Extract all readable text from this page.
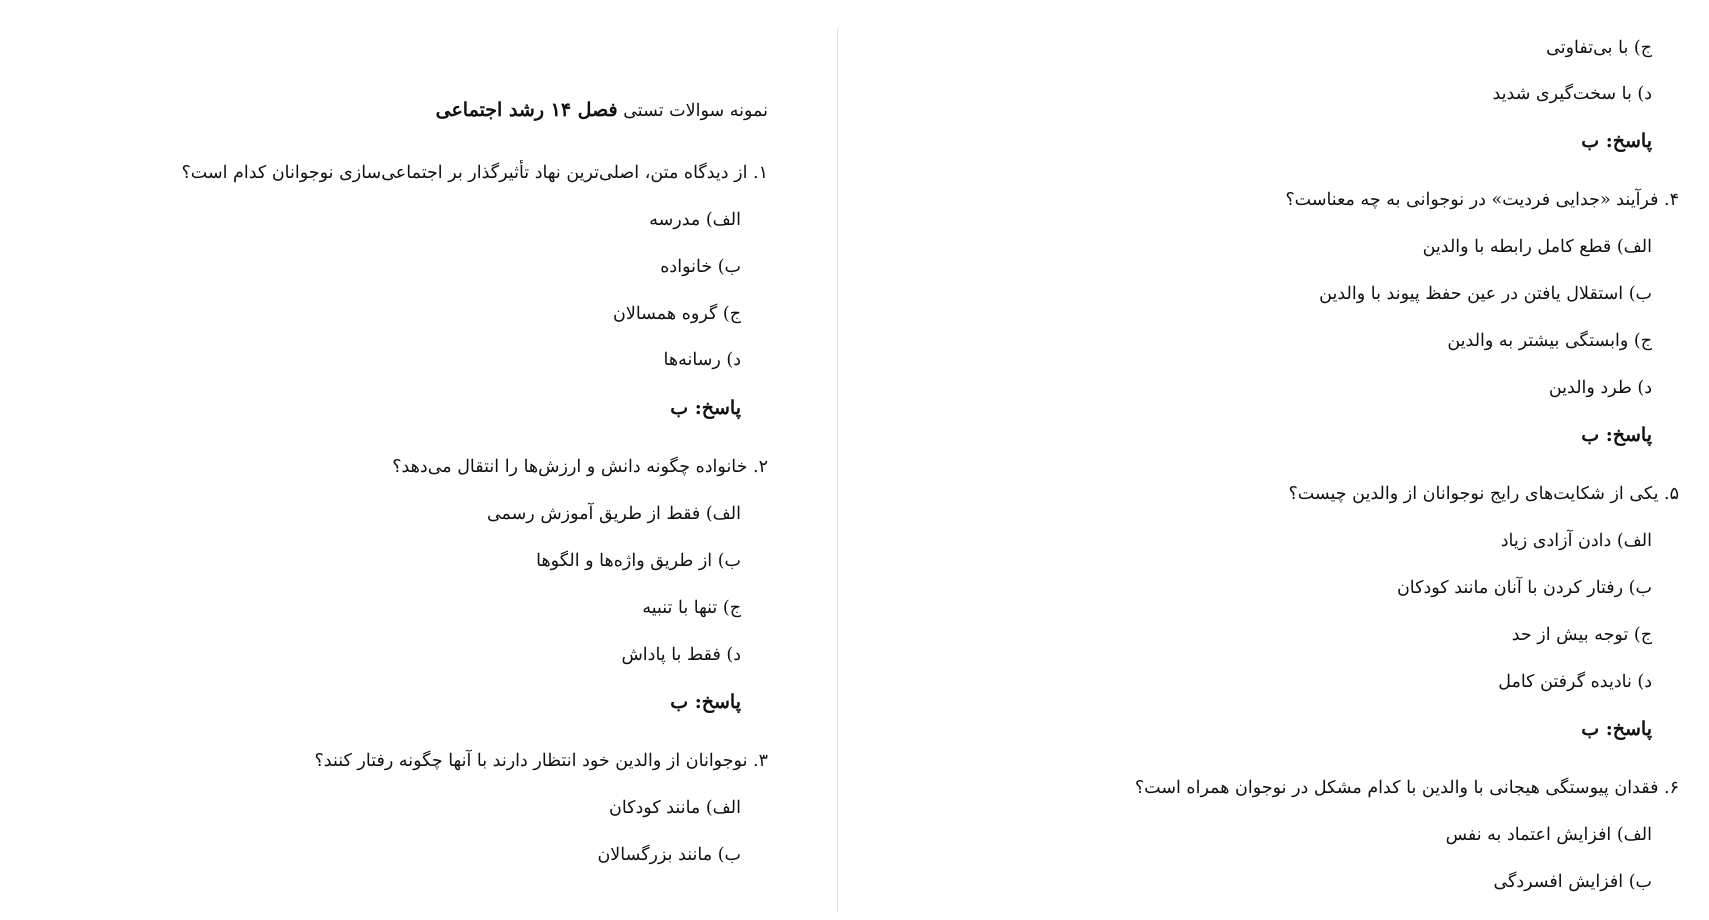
نمونه سوالات تستی فصل ۱۴ رشد اجتماعی
۱. از دیدگاه متن، اصلی‌ترین نهاد تأثیرگذار بر اجتماعی‌سازی نوجوانان کدام است؟
الف) مدرسه
ب) خانواده
ج) گروه همسالان
د) رسانه‌ها
پاسخ: ب
۲. خانواده چگونه دانش و ارزش‌ها را انتقال می‌دهد؟
الف) فقط از طریق آموزش رسمی
ب) از طریق واژه‌ها و الگوها
ج) تنها با تنبیه
د) فقط با پاداش
پاسخ: ب
۳. نوجوانان از والدین خود انتظار دارند با آنها چگونه رفتار کنند؟
الف) مانند کودکان
ب) مانند بزرگسالان
ج) با بی‌تفاوتی
د) با سخت‌گیری شدید
پاسخ: ب
۴. فرآیند «جدایی فردیت» در نوجوانی به چه معناست؟
الف) قطع کامل رابطه با والدین
ب) استقلال یافتن در عین حفظ پیوند با والدین
ج) وابستگی بیشتر به والدین
د) طرد والدین
پاسخ: ب
۵. یکی از شکایت‌های رایج نوجوانان از والدین چیست؟
الف) دادن آزادی زیاد
ب) رفتار کردن با آنان مانند کودکان
ج) توجه بیش از حد
د) نادیده گرفتن کامل
پاسخ: ب
۶. فقدان پیوستگی هیجانی با والدین با کدام مشکل در نوجوان همراه است؟
الف) افزایش اعتماد به نفس
ب) افزایش افسردگی
